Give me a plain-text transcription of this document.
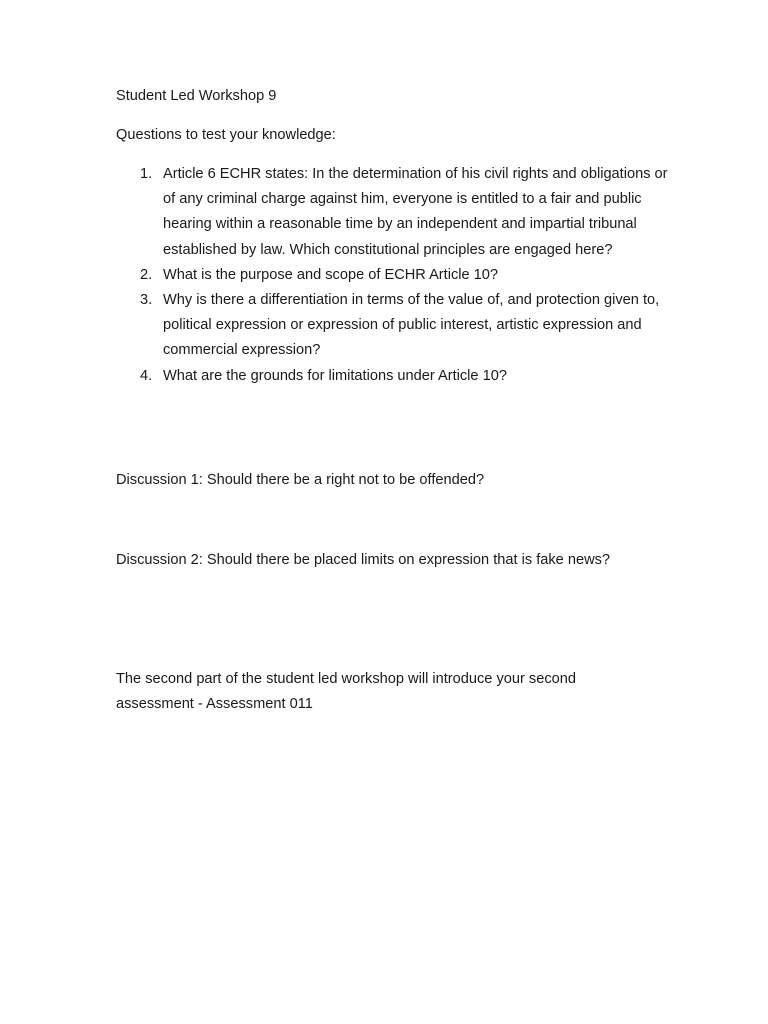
Student Led Workshop 9

Questions to test your knowledge:

1. Article 6 ECHR states: In the determination of his civil rights and obligations or of any criminal charge against him, everyone is entitled to a fair and public hearing within a reasonable time by an independent and impartial tribunal established by law. Which constitutional principles are engaged here?
2. What is the purpose and scope of ECHR Article 10?
3. Why is there a differentiation in terms of the value of, and protection given to, political expression or expression of public interest, artistic expression and commercial expression?
4. What are the grounds for limitations under Article 10?

Discussion 1: Should there be a right not to be offended?

Discussion 2: Should there be placed limits on expression that is fake news?

The second part of the student led workshop will introduce your second assessment - Assessment 011
